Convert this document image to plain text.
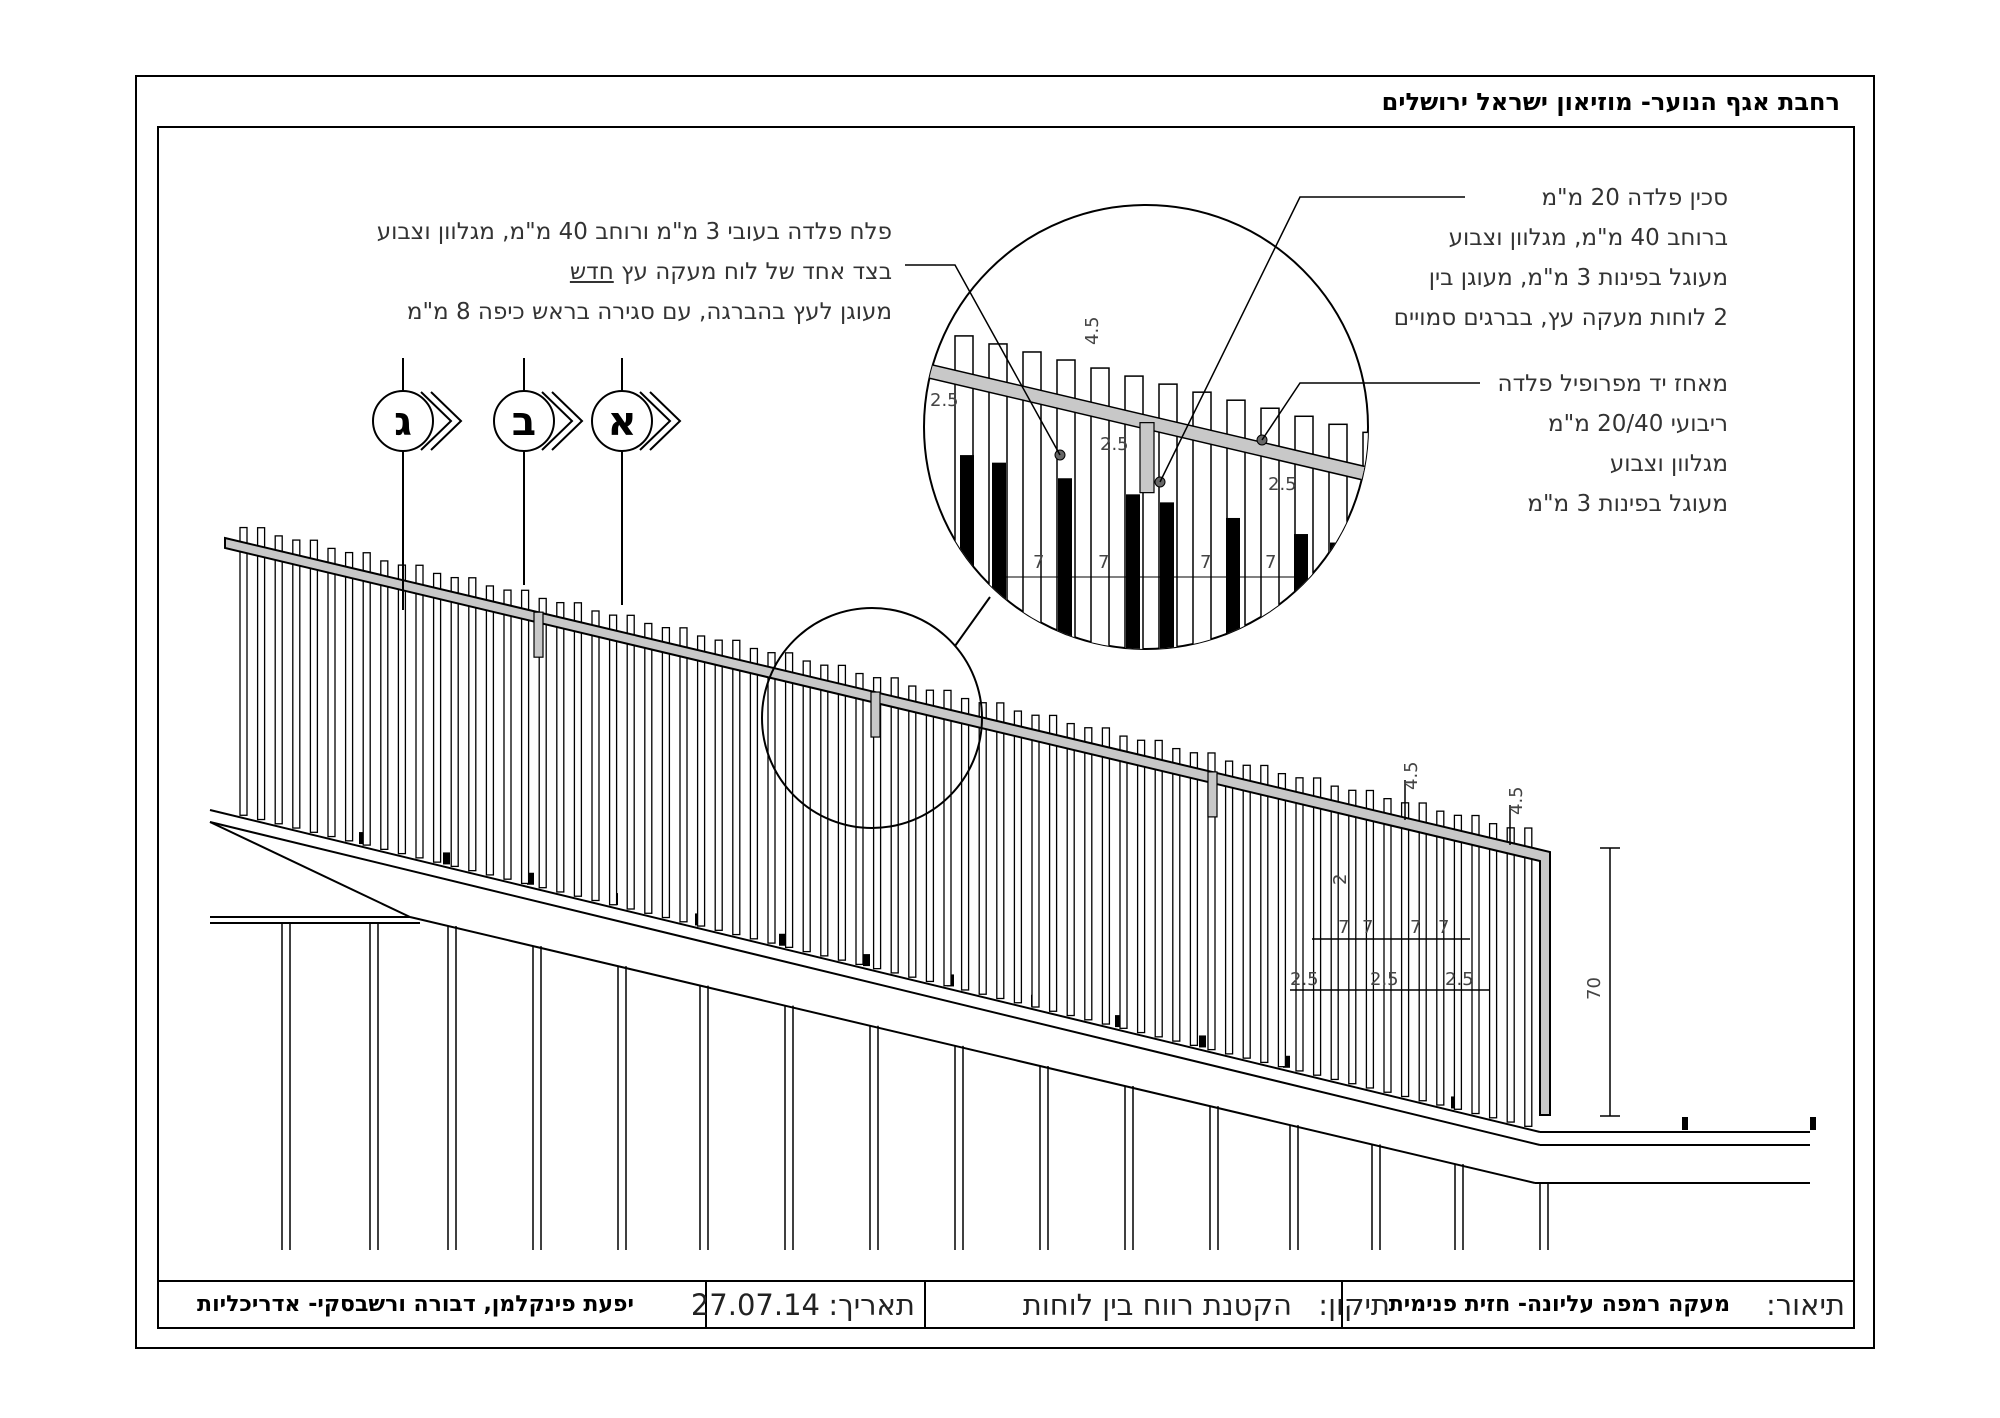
א
ב
ג
4.5
4.5
70
7 7 7 7
2.5	2.5	2.5
2
4.5
2.5
2.5
2.5
7	7	7	7
רחבת אגף הנוער- מוזיאון ישראל ירושלים
פלח פלדה בעובי 3 מ"מ ורוחב 40 מ"מ, מגלוון וצבוע
בצד אחד של לוח מעקה עץ חדש
מעוגן לעץ בהברגה, עם סגירה בראש כיפה 8 מ"מ
סכין פלדה 20 מ"מ
ברוחב 40 מ"מ, מגלוון וצבוע
מעוגל בפינות 3 מ"מ, מעוגן בין
2 לוחות מעקה עץ, בברגים סמויים
מאחז יד מפרופיל פלדה
ריבועי 20/40 מ"מ
מגלוון וצבוע
מעוגל בפינות 3 מ"מ
תיאור:
מעקה רמפה עליונה- חזית פנימית
תיקון:
הקטנת רווח בין לוחות
תאריך:
27.07.14
יפעת פינקלמן, דבורה ורשבסקי- אדריכליות
